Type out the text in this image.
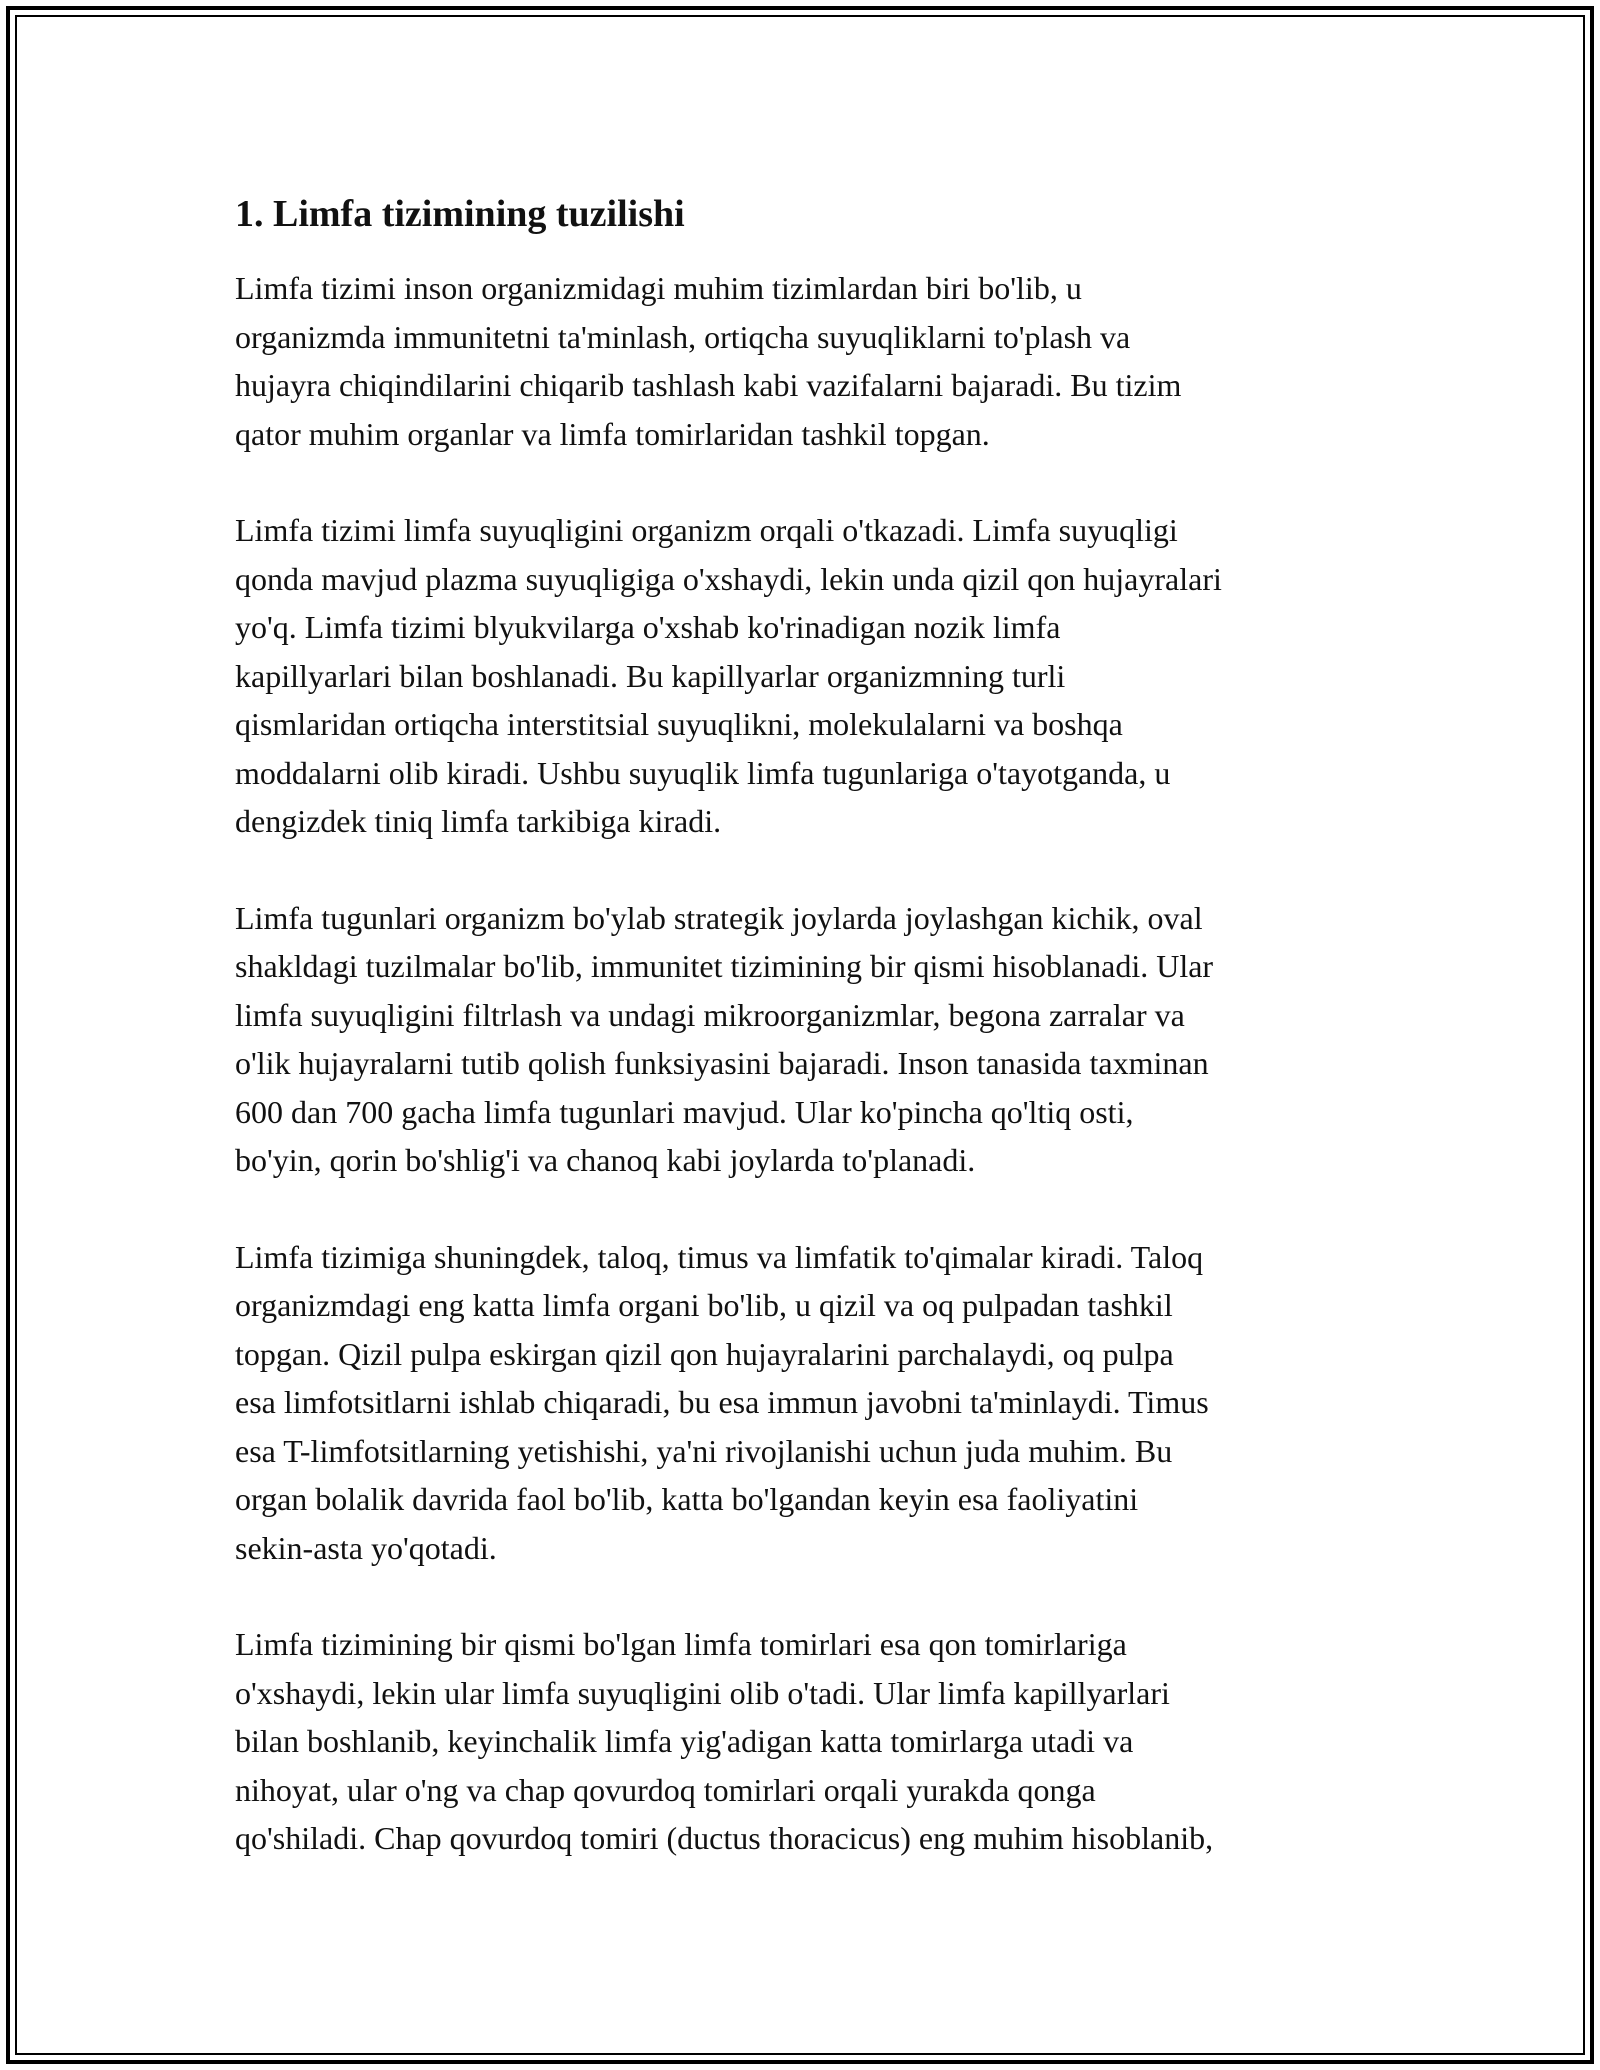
1. Limfa tizimining tuzilishi

Limfa tizimi inson organizmidagi muhim tizimlardan biri bo'lib, u
organizmda immunitetni ta'minlash, ortiqcha suyuqliklarni to'plash va
hujayra chiqindilarini chiqarib tashlash kabi vazifalarni bajaradi. Bu tizim
qator muhim organlar va limfa tomirlaridan tashkil topgan.

Limfa tizimi limfa suyuqligini organizm orqali o'tkazadi. Limfa suyuqligi
qonda mavjud plazma suyuqligiga o'xshaydi, lekin unda qizil qon hujayralari
yo'q. Limfa tizimi blyukvilarga o'xshab ko'rinadigan nozik limfa
kapillyarlari bilan boshlanadi. Bu kapillyarlar organizmning turli
qismlaridan ortiqcha interstitsial suyuqlikni, molekulalarni va boshqa
moddalarni olib kiradi. Ushbu suyuqlik limfa tugunlariga o'tayotganda, u
dengizdek tiniq limfa tarkibiga kiradi.

Limfa tugunlari organizm bo'ylab strategik joylarda joylashgan kichik, oval
shakldagi tuzilmalar bo'lib, immunitet tizimining bir qismi hisoblanadi. Ular
limfa suyuqligini filtrlash va undagi mikroorganizmlar, begona zarralar va
o'lik hujayralarni tutib qolish funksiyasini bajaradi. Inson tanasida taxminan
600 dan 700 gacha limfa tugunlari mavjud. Ular ko'pincha qo'ltiq osti,
bo'yin, qorin bo'shlig'i va chanoq kabi joylarda to'planadi.

Limfa tizimiga shuningdek, taloq, timus va limfatik to'qimalar kiradi. Taloq
organizmdagi eng katta limfa organi bo'lib, u qizil va oq pulpadan tashkil
topgan. Qizil pulpa eskirgan qizil qon hujayralarini parchalaydi, oq pulpa
esa limfotsitlarni ishlab chiqaradi, bu esa immun javobni ta'minlaydi. Timus
esa T-limfotsitlarning yetishishi, ya'ni rivojlanishi uchun juda muhim. Bu
organ bolalik davrida faol bo'lib, katta bo'lgandan keyin esa faoliyatini
sekin-asta yo'qotadi.

Limfa tizimining bir qismi bo'lgan limfa tomirlari esa qon tomirlariga
o'xshaydi, lekin ular limfa suyuqligini olib o'tadi. Ular limfa kapillyarlari
bilan boshlanib, keyinchalik limfa yig'adigan katta tomirlarga utadi va
nihoyat, ular o'ng va chap qovurdoq tomirlari orqali yurakda qonga
qo'shiladi. Chap qovurdoq tomiri (ductus thoracicus) eng muhim hisoblanib,
